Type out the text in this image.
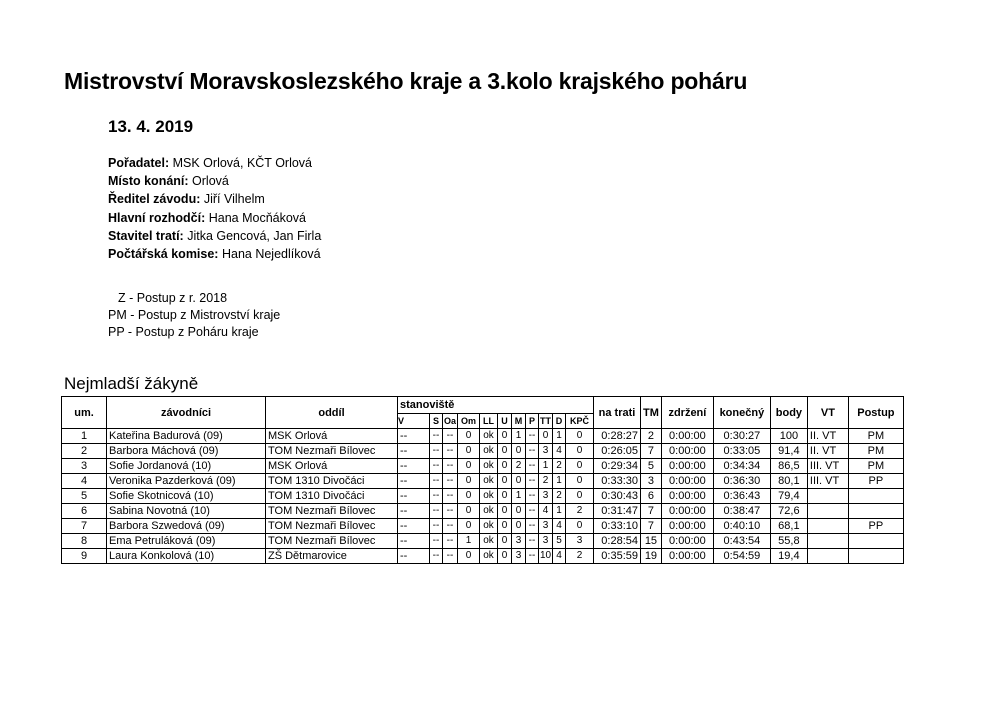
Mistrovství Moravskoslezského kraje a 3.kolo krajského poháru
13. 4. 2019
Pořadatel: MSK Orlová, KČT Orlová
Místo konání: Orlová
Ředitel závodu: Jiří Vilhelm
Hlavní rozhodčí: Hana Mocňáková
Stavitel tratí: Jitka Gencová, Jan Firla
Počtářská komise: Hana Nejedlíková
Z - Postup z r. 2018
PM - Postup z Mistrovství kraje
PP - Postup z Poháru kraje
Nejmladší žákyně
um.	závodníci	oddíl	stanoviště											na trati	TM	zdržení	konečný	body	VT	Postup
			V	S	Oa	Om	LL	U	M	P	TT	D	KPČ							
1	Kateřina Badurová (09)	MSK Orlová	--	--	--	0	ok	0	1	--	0	1	0	0:28:27	2	0:00:00	0:30:27	100	II. VT	PM
2	Barbora Máchová (09)	TOM Nezmaři Bílovec	--	--	--	0	ok	0	0	--	3	4	0	0:26:05	7	0:00:00	0:33:05	91,4	II. VT	PM
3	Sofie Jordanová (10)	MSK Orlová	--	--	--	0	ok	0	2	--	1	2	0	0:29:34	5	0:00:00	0:34:34	86,5	III. VT	PM
4	Veronika Pazderková (09)	TOM 1310 Divočáci	--	--	--	0	ok	0	0	--	2	1	0	0:33:30	3	0:00:00	0:36:30	80,1	III. VT	PP
5	Sofie Skotnicová (10)	TOM 1310 Divočáci	--	--	--	0	ok	0	1	--	3	2	0	0:30:43	6	0:00:00	0:36:43	79,4		
6	Sabina Novotná (10)	TOM Nezmaři Bílovec	--	--	--	0	ok	0	0	--	4	1	2	0:31:47	7	0:00:00	0:38:47	72,6		
7	Barbora Szwedová (09)	TOM Nezmaři Bílovec	--	--	--	0	ok	0	0	--	3	4	0	0:33:10	7	0:00:00	0:40:10	68,1		PP
8	Ema Petruláková (09)	TOM Nezmaři Bílovec	--	--	--	1	ok	0	3	--	3	5	3	0:28:54	15	0:00:00	0:43:54	55,8		
9	Laura Konkolová (10)	ZŠ Dětmarovice	--	--	--	0	ok	0	3	--	10	4	2	0:35:59	19	0:00:00	0:54:59	19,4		
